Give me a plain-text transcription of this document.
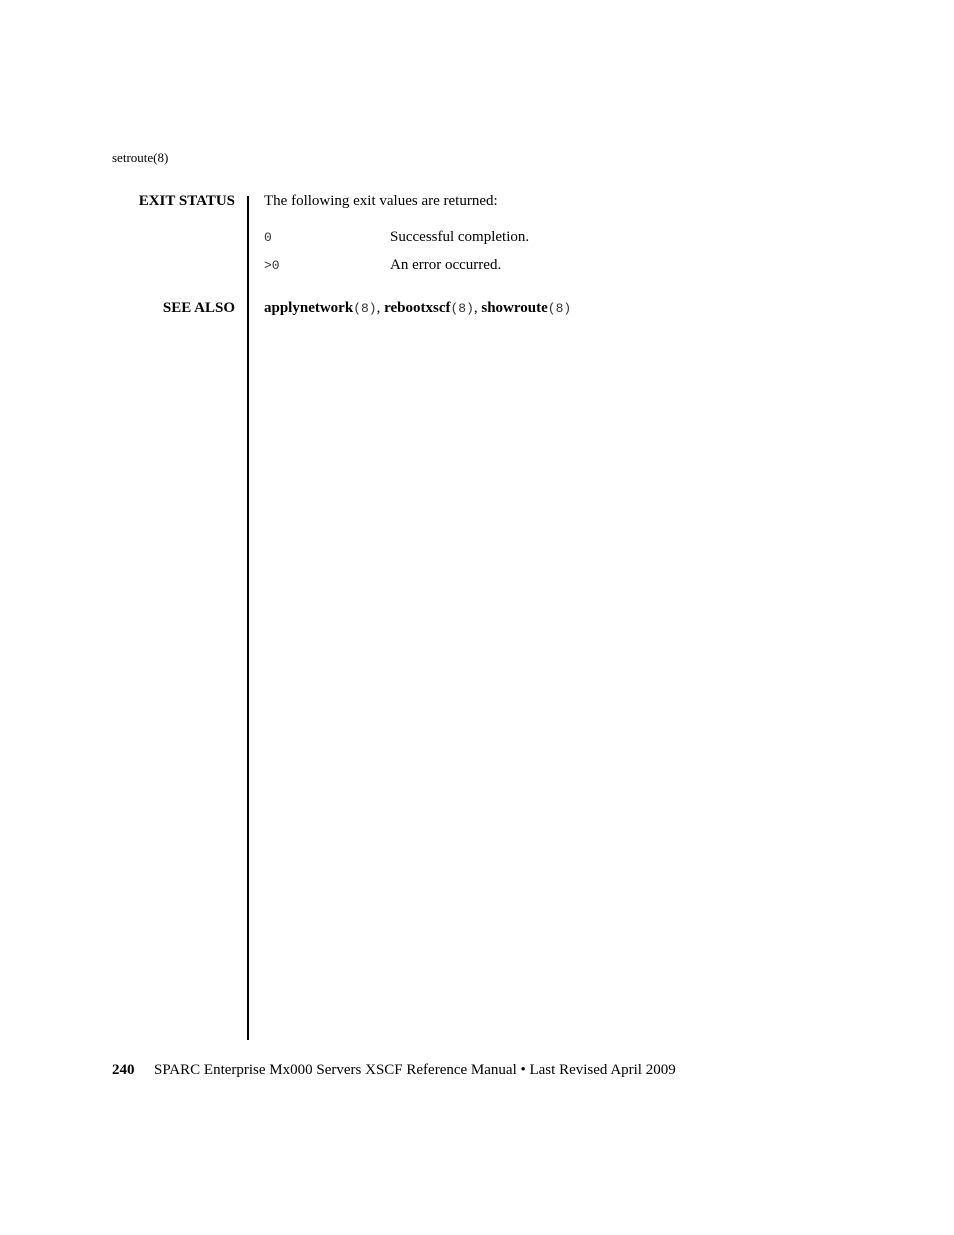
setroute(8)
EXIT STATUS The following exit values are returned:
0	Successful completion.
>0	An error occurred.
SEE ALSO applynetwork(8), rebootxscf(8), showroute(8)
240 SPARC Enterprise Mx000 Servers XSCF Reference Manual • Last Revised April 2009
